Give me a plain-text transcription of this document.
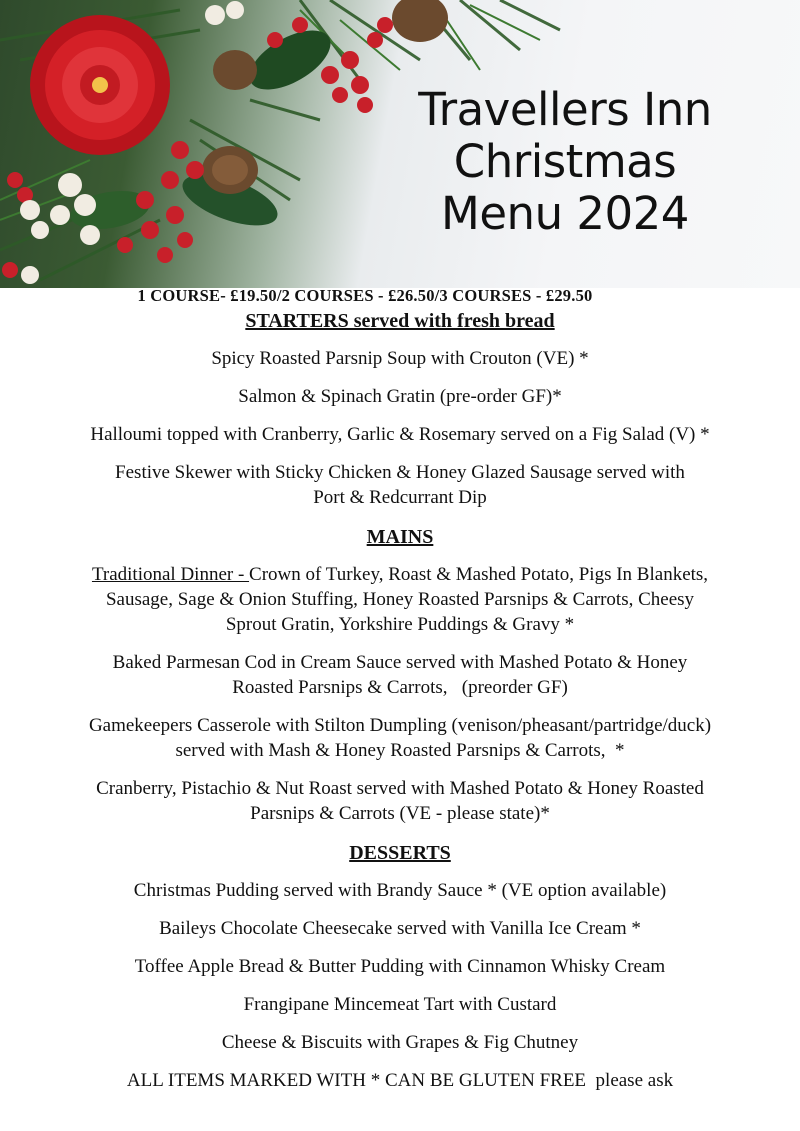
Travellers Inn
Christmas
Menu 2024
1 COURSE- £19.50/2 COURSES - £26.50/3 COURSES - £29.50
STARTERS served with fresh bread

Spicy Roasted Parsnip Soup with Crouton (VE) *

Salmon & Spinach Gratin (pre-order GF)*

Halloumi topped with Cranberry, Garlic & Rosemary served on a Fig Salad (V) *

Festive Skewer with Sticky Chicken & Honey Glazed Sausage served with

Port & Redcurrant Dip

MAINS

Traditional Dinner - Crown of Turkey, Roast & Mashed Potato, Pigs In Blankets,

Sausage, Sage & Onion Stuffing, Honey Roasted Parsnips & Carrots, Cheesy

Sprout Gratin, Yorkshire Puddings & Gravy *

Baked Parmesan Cod in Cream Sauce served with Mashed Potato & Honey

Roasted Parsnips & Carrots,   (preorder GF)

Gamekeepers Casserole with Stilton Dumpling (venison/pheasant/partridge/duck)

served with Mash & Honey Roasted Parsnips & Carrots,  *

Cranberry, Pistachio & Nut Roast served with Mashed Potato & Honey Roasted

Parsnips & Carrots (VE - please state)*

DESSERTS

Christmas Pudding served with Brandy Sauce * (VE option available)

Baileys Chocolate Cheesecake served with Vanilla Ice Cream *

Toffee Apple Bread & Butter Pudding with Cinnamon Whisky Cream

Frangipane Mincemeat Tart with Custard

Cheese & Biscuits with Grapes & Fig Chutney

ALL ITEMS MARKED WITH * CAN BE GLUTEN FREE  please ask
